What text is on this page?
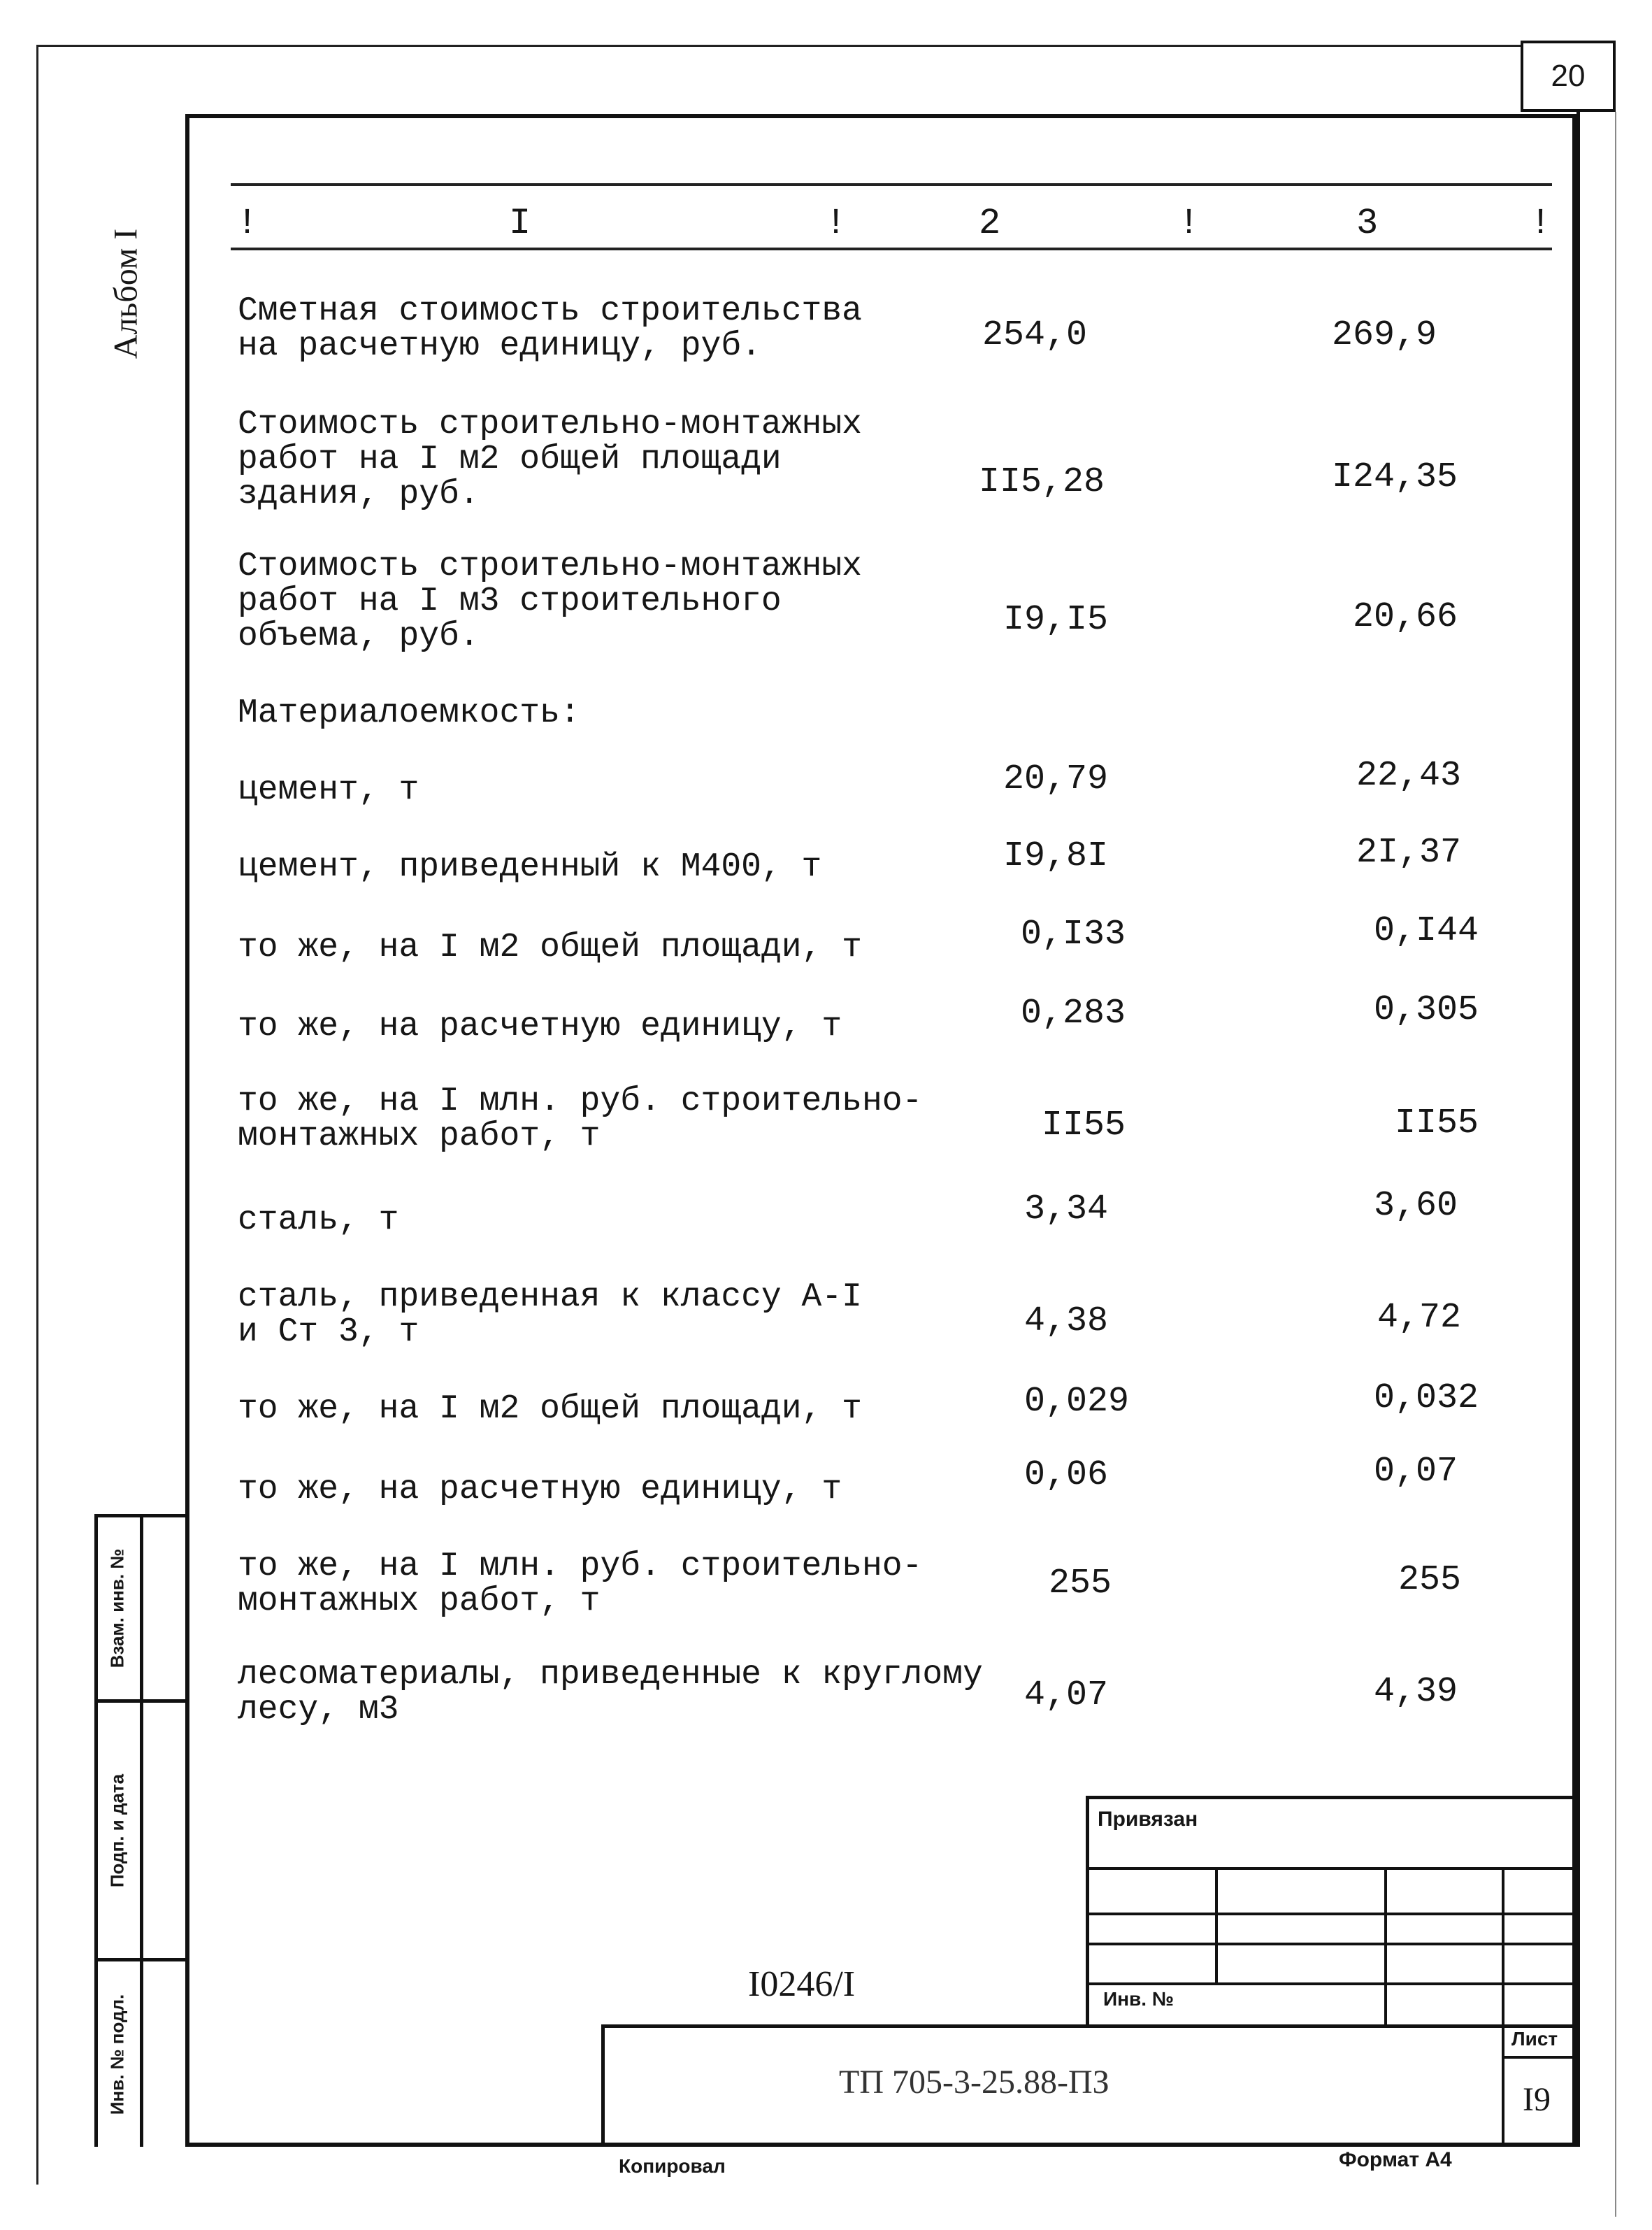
20
Альбом I
!	I	!	2	!	3	!
Сметная стоимость строительства
на расчетную единицу, руб.	254,0	269,9
Стоимость строительно-монтажных
работ на I м2 общей площади
здания, руб.	II5,28	I24,35
Стоимость строительно-монтажных
работ на I м3 строительного
объема, руб.	I9,I5	20,66
Материалоемкость:
цемент, т	20,79	22,43
цемент, приведенный к М400, т	I9,8I	2I,37
то же, на I м2 общей площади, т	0,I33	0,I44
то же, на расчетную единицу, т	0,283	0,305
то же, на I млн. руб. строительно-
монтажных работ, т	II55	II55
сталь, т	3,34	3,60
сталь, приведенная к классу А-I
и Ст 3, т	4,38	4,72
то же, на I м2 общей площади, т	0,029	0,032
то же, на расчетную единицу, т	0,06	0,07
то же, на I млн. руб. строительно-
монтажных работ, т	255	255
лесоматериалы, приведенные к круглому
лесу, м3	4,07	4,39
Взам. инв. №
Подп. и дата
Инв. № подл.
Привязан
Инв. №
Лист
I9
ТП 705-3-25.88-ПЗ
I0246/I
Копировал	Формат А4
